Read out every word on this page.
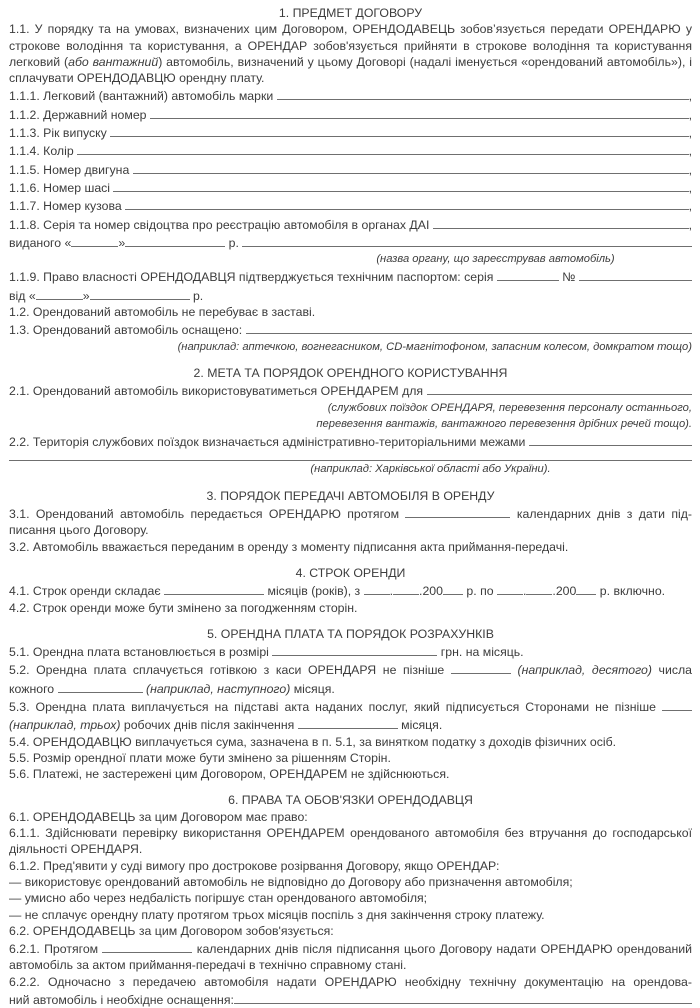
1. ПРЕДМЕТ ДОГОВОРУ
1.1. У порядку та на умовах, визначених цим Договором, ОРЕНДОДАВЕЦЬ зобов’язується передати ОРЕНДАРЮ у строкове володіння та користування, а ОРЕНДАР зобов'язується прийняти в строкове володіння та користування легковий (або вантажний) автомобіль, визначений у цьому Договорі (надалі іменується «орендований автомобіль»), і сплачувати ОРЕНДОДАВЦЮ орендну плату.
1.1.1. Легковий (вантажний) автомобіль марки	,
1.1.2. Державний номер	,
1.1.3. Рік випуску	,
1.1.4. Колір	,
1.1.5. Номер двигуна	,
1.1.6. Номер шасі	,
1.1.7. Номер кузова	,
1.1.8. Серія та номер свідоцтва про реєстрацію автомобіля в органах ДАІ	,
виданого «	»	р.
(назва органу, що зареєстрував автомобіль)
1.1.9. Право власності ОРЕНДОДАВЦЯ підтверджується технічним паспортом: серія	№
від «	»	р.
1.2. Орендований автомобіль не перебуває в заставі.
1.3. Орендований автомобіль оснащено:
(наприклад: аптечкою, вогнегасником, CD-магнітофоном, запасним колесом, домкратом тощо)
2. МЕТА ТА ПОРЯДОК ОРЕНДНОГО КОРИСТУВАННЯ
2.1. Орендований автомобіль використовуватиметься ОРЕНДАРЕМ для
(службових поїздок ОРЕНДАРЯ, перевезення персоналу останнього,
перевезення вантажів, вантажного перевезення дрібних речей тощо).
2.2. Територія службових поїздок визначається адміністративно-територіальними межами
(наприклад: Харківської області або України).
3. ПОРЯДОК ПЕРЕДАЧІ АВТОМОБІЛЯ В ОРЕНДУ
3.1. Орендований автомобіль передається ОРЕНДАРЮ протягом	календарних днів з дати підписання цього Договору.
3.2. Автомобіль вважається переданим в оренду з моменту підписання акта приймання-передачі.
4. СТРОК ОРЕНДИ
4.1. Строк оренди складає	місяців (років), з . .200 р. по . .200 р. включно.
4.2. Строк оренди може бути змінено за погодженням сторін.
5. ОРЕНДНА ПЛАТА ТА ПОРЯДОК РОЗРАХУНКІВ
5.1. Орендна плата встановлюється в розмірі	грн. на місяць.
5.2. Орендна плата сплачується готівкою з каси ОРЕНДАРЯ не пізніше	(наприклад, десятого) числа кожного	(наприклад, наступного) місяця.
5.3. Орендна плата виплачується на підставі акта наданих послуг, який підписується Сторонами не пізніше  (наприклад, трьох) робочих днів після закінчення	місяця.
5.4. ОРЕНДОДАВЦЮ виплачується сума, зазначена в п. 5.1, за винятком податку з доходів фізичних осіб.
5.5. Розмір орендної плати може бути змінено за рішенням Сторін.
5.6. Платежі, не застережені цим Договором, ОРЕНДАРЕМ не здійснюються.
6. ПРАВА ТА ОБОВ'ЯЗКИ ОРЕНДОДАВЦЯ
6.1. ОРЕНДОДАВЕЦЬ за цим Договором має право:
6.1.1. Здійснювати перевірку використання ОРЕНДАРЕМ орендованого автомобіля без втручання до господарської діяльності ОРЕНДАРЯ.
6.1.2. Пред'явити у суді вимогу про дострокове розірвання Договору, якщо ОРЕНДАР:
— використовує орендований автомобіль не відповідно до Договору або призначення автомобіля;
— умисно або через недбалість погіршує стан орендованого автомобіля;
— не сплачує орендну плату протягом трьох місяців поспіль з дня закінчення строку платежу.
6.2. ОРЕНДОДАВЕЦЬ за цим Договором зобов'язується:
6.2.1. Протягом	календарних днів після підписання цього Договору надати ОРЕНДАРЮ орендований автомобіль за актом приймання-передачі в технічно справному стані.
6.2.2. Одночасно з передачею автомобіля надати ОРЕНДАРЮ необхідну технічну документацію на орендова-
ний автомобіль і необхідне оснащення:
